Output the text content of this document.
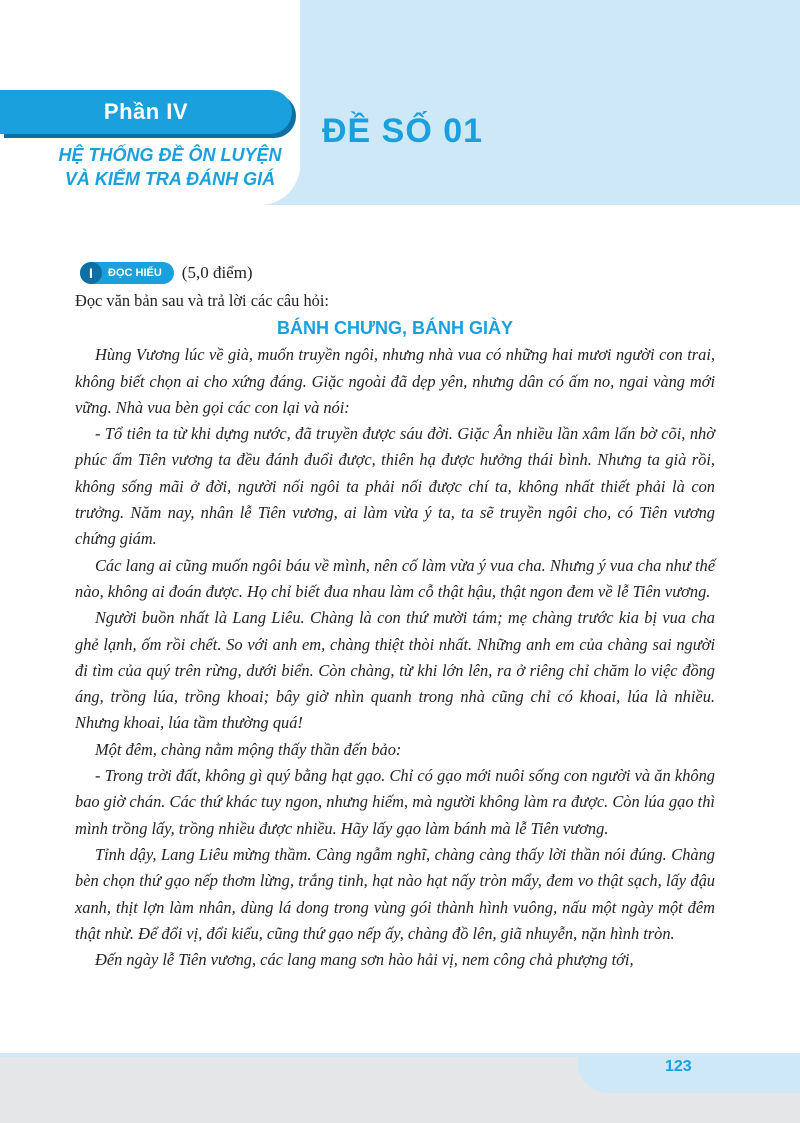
Phần IV
HỆ THỐNG ĐỀ ÔN LUYỆN
VÀ KIỂM TRA ĐÁNH GIÁ
ĐỀ SỐ 01
I	ĐỌC HIỂU (5,0 điểm)

Đọc văn bản sau và trả lời các câu hỏi:

BÁNH CHƯNG, BÁNH GIÀY

Hùng Vương lúc về già, muốn truyền ngôi, nhưng nhà vua có những hai mươi người con trai, không biết chọn ai cho xứng đáng. Giặc ngoài đã dẹp yên, nhưng dân có ấm no, ngai vàng mới vững. Nhà vua bèn gọi các con lại và nói:

- Tổ tiên ta từ khi dựng nước, đã truyền được sáu đời. Giặc Ân nhiều lần xâm lấn bờ cõi, nhờ phúc ấm Tiên vương ta đều đánh đuổi được, thiên hạ được hưởng thái bình. Nhưng ta già rồi, không sống mãi ở đời, người nối ngôi ta phải nối được chí ta, không nhất thiết phải là con trưởng. Năm nay, nhân lễ Tiên vương, ai làm vừa ý ta, ta sẽ truyền ngôi cho, có Tiên vương chứng giám.

Các lang ai cũng muốn ngôi báu về mình, nên cố làm vừa ý vua cha. Nhưng ý vua cha như thế nào, không ai đoán được. Họ chỉ biết đua nhau làm cỗ thật hậu, thật ngon đem về lễ Tiên vương.

Người buồn nhất là Lang Liêu. Chàng là con thứ mười tám; mẹ chàng trước kia bị vua cha ghẻ lạnh, ốm rồi chết. So với anh em, chàng thiệt thòi nhất. Những anh em của chàng sai người đi tìm của quý trên rừng, dưới biển. Còn chàng, từ khi lớn lên, ra ở riêng chỉ chăm lo việc đồng áng, trồng lúa, trồng khoai; bây giờ nhìn quanh trong nhà cũng chỉ có khoai, lúa là nhiều. Nhưng khoai, lúa tầm thường quá!

Một đêm, chàng nằm mộng thấy thần đến bảo:

- Trong trời đất, không gì quý bằng hạt gạo. Chỉ có gạo mới nuôi sống con người và ăn không bao giờ chán. Các thứ khác tuy ngon, nhưng hiếm, mà người không làm ra được. Còn lúa gạo thì mình trồng lấy, trồng nhiều được nhiều. Hãy lấy gạo làm bánh mà lễ Tiên vương.

Tỉnh dậy, Lang Liêu mừng thầm. Càng ngẫm nghĩ, chàng càng thấy lời thần nói đúng. Chàng bèn chọn thứ gạo nếp thơm lừng, trắng tinh, hạt nào hạt nấy tròn mẩy, đem vo thật sạch, lấy đậu xanh, thịt lợn làm nhân, dùng lá dong trong vùng gói thành hình vuông, nấu một ngày một đêm thật nhừ. Để đổi vị, đổi kiểu, cũng thứ gạo nếp ấy, chàng đồ lên, giã nhuyễn, nặn hình tròn.

Đến ngày lễ Tiên vương, các lang mang sơn hào hải vị, nem công chả phượng tới,

123
